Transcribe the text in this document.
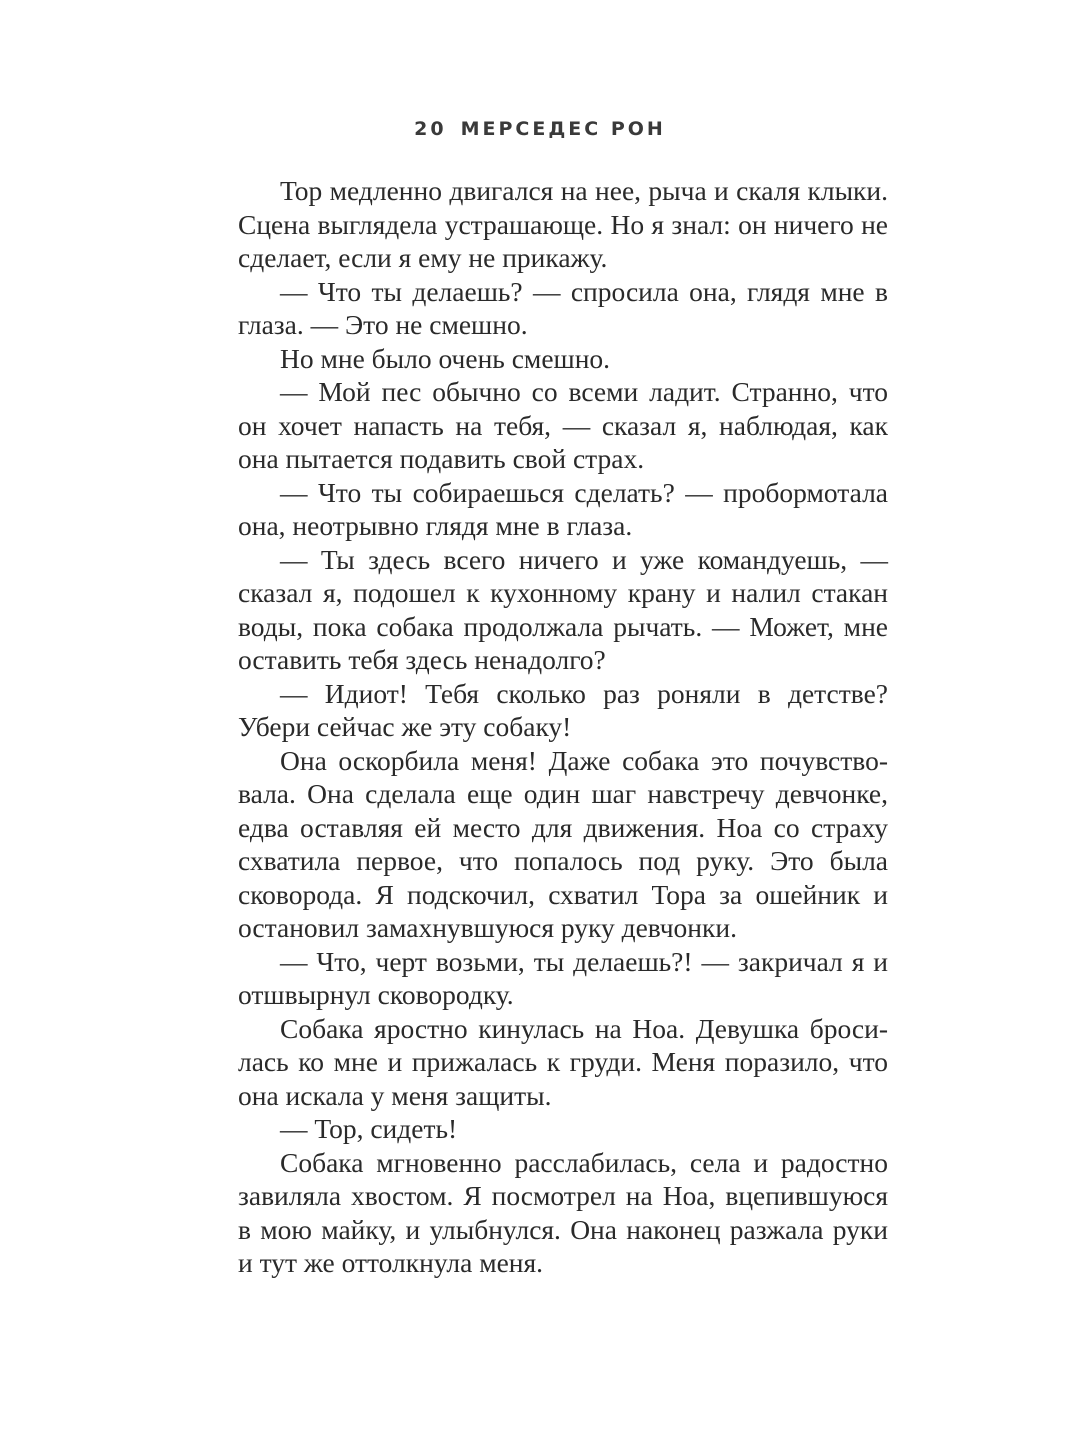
20 МЕРСЕДЕС РОН

Тор медленно двигался на нее, рыча и скаля клыки. Сцена выглядела устрашающе. Но я знал: он ничего не сделает, если я ему не прикажу.

— Что ты делаешь? — спросила она, глядя мне в глаза. — Это не смешно.

Но мне было очень смешно.

— Мой пес обычно со всеми ладит. Странно, что он хочет напасть на тебя, — сказал я, наблюдая, как она пытается подавить свой страх.

— Что ты собираешься сделать? — пробормотала она, неотрывно глядя мне в глаза.

— Ты здесь всего ничего и уже командуешь, — сказал я, подошел к кухонному крану и налил стакан воды, пока собака продолжала рычать. — Может, мне оставить тебя здесь ненадолго?

— Идиот! Тебя сколько раз роняли в детстве? Убери сейчас же эту собаку!

Она оскорбила меня! Даже собака это почувствовала. Она сделала еще один шаг навстречу девчонке, едва оставляя ей место для движения. Ноа со страху схватила первое, что попалось под руку. Это была сковорода. Я подскочил, схватил Тора за ошейник и остановил замахнувшуюся руку девчонки.

— Что, черт возьми, ты делаешь?! — закричал я и отшвырнул сковородку.

Собака яростно кинулась на Ноа. Девушка бросилась ко мне и прижалась к груди. Меня поразило, что она искала у меня защиты.

— Тор, сидеть!

Собака мгновенно расслабилась, села и радостно завиляла хвостом. Я посмотрел на Ноа, вцепившуюся в мою майку, и улыбнулся. Она наконец разжала руки и тут же оттолкнула меня.
